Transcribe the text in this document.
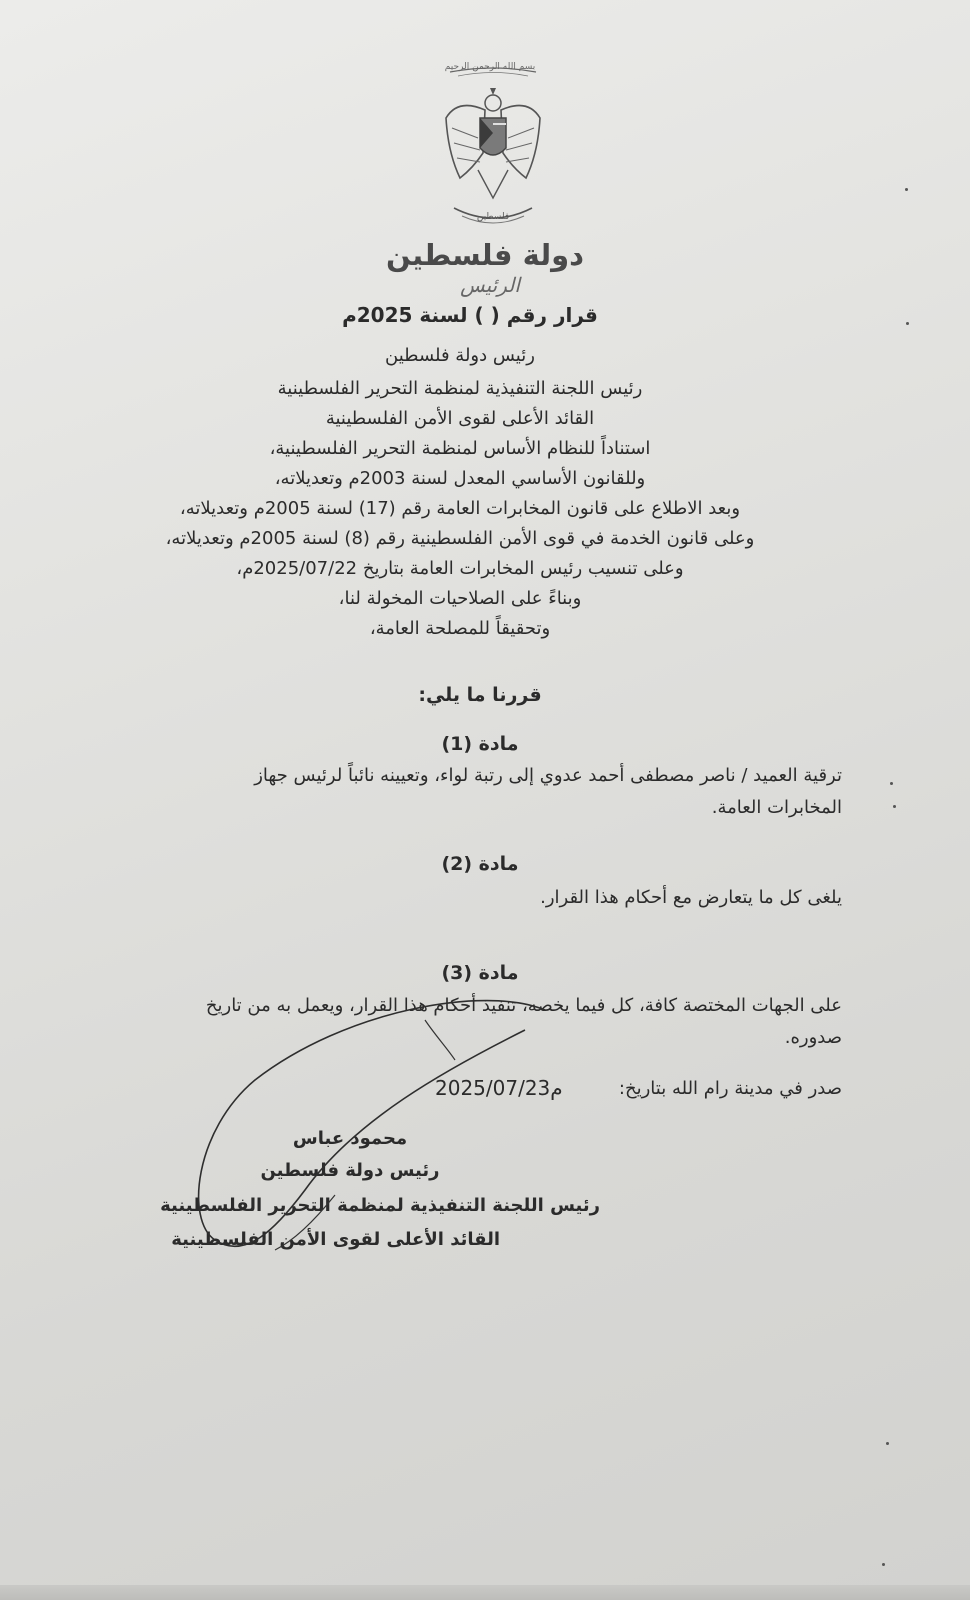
فلسطين
بسم الله الرحمن الرحيم
دولة فلسطين
الرئيس
قرار رقم ( ) لسنة 2025م
رئيس دولة فلسطين
رئيس اللجنة التنفيذية لمنظمة التحرير الفلسطينية
القائد الأعلى لقوى الأمن الفلسطينية
استناداً للنظام الأساس لمنظمة التحرير الفلسطينية،
وللقانون الأساسي المعدل لسنة 2003م وتعديلاته،
وبعد الاطلاع على قانون المخابرات العامة رقم (17) لسنة 2005م وتعديلاته،
وعلى قانون الخدمة في قوى الأمن الفلسطينية رقم (8) لسنة 2005م وتعديلاته،
وعلى تنسيب رئيس المخابرات العامة بتاريخ 2025/07/22م،
وبناءً على الصلاحيات المخولة لنا،
وتحقيقاً للمصلحة العامة،
قررنا ما يلي:
مادة (1)
ترقية العميد / ناصر مصطفى أحمد عدوي إلى رتبة لواء، وتعيينه نائباً لرئيس جهاز
المخابرات العامة.
مادة (2)
يلغى كل ما يتعارض مع أحكام هذا القرار.
مادة (3)
على الجهات المختصة كافة، كل فيما يخصه، تنفيذ أحكام هذا القرار، ويعمل به من تاريخ
صدوره.
صدر في مدينة رام الله بتاريخ:
2025/07/23م
محمود عباس
رئيس دولة فلسطين
رئيس اللجنة التنفيذية لمنظمة التحرير الفلسطينية
القائد الأعلى لقوى الأمن الفلسطينية
